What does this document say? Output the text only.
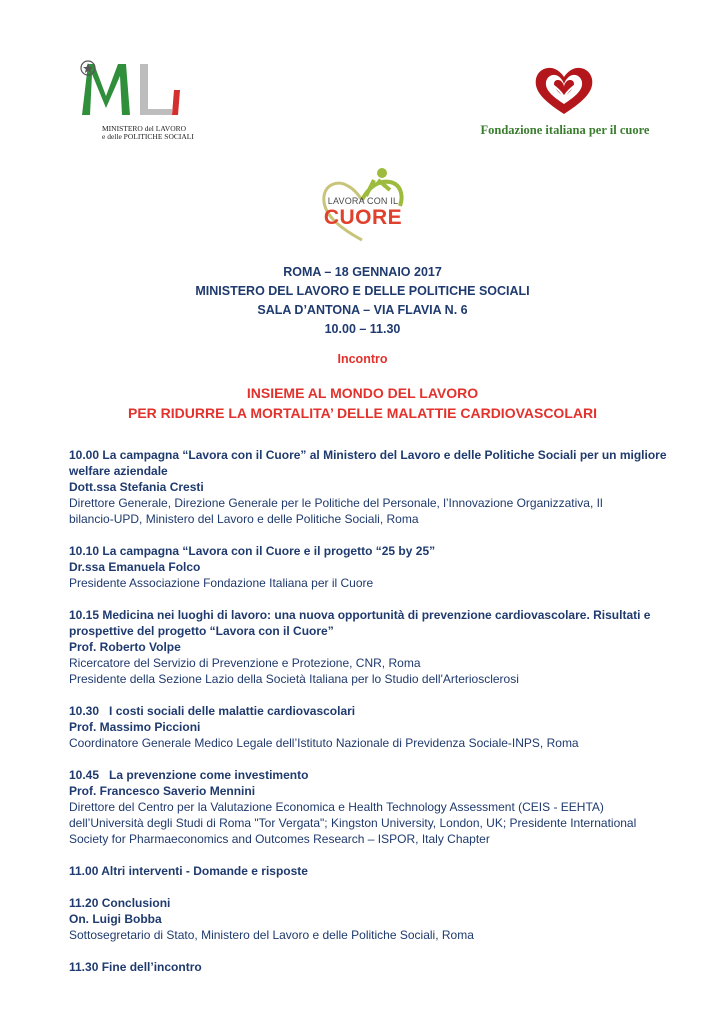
MINISTERO del LAVORO
e delle POLITICHE SOCIALI	Fondazione italiana per il cuore
LAVORA CON IL
CUORE
ROMA – 18 GENNAIO 2017
MINISTERO DEL LAVORO E DELLE POLITICHE SOCIALI
SALA D’ANTONA – VIA FLAVIA N. 6
10.00 – 11.30
Incontro
INSIEME AL MONDO DEL LAVORO
PER RIDURRE LA MORTALITA’ DELLE MALATTIE CARDIOVASCOLARI
10.00 La campagna “Lavora con il Cuore” al Ministero del Lavoro e delle Politiche Sociali per un migliore
welfare aziendale
Dott.ssa Stefania Cresti
Direttore Generale, Direzione Generale per le Politiche del Personale, l’Innovazione Organizzativa, Il
bilancio-UPD, Ministero del Lavoro e delle Politiche Sociali, Roma
10.10 La campagna “Lavora con il Cuore e il progetto “25 by 25”
Dr.ssa Emanuela Folco
Presidente Associazione Fondazione Italiana per il Cuore
10.15 Medicina nei luoghi di lavoro: una nuova opportunità di prevenzione cardiovascolare. Risultati e
prospettive del progetto “Lavora con il Cuore”
Prof. Roberto Volpe
Ricercatore del Servizio di Prevenzione e Protezione, CNR, Roma
Presidente della Sezione Lazio della Società Italiana per lo Studio dell'Arteriosclerosi
10.30   I costi sociali delle malattie cardiovascolari
Prof. Massimo Piccioni
Coordinatore Generale Medico Legale dell’Istituto Nazionale di Previdenza Sociale-INPS, Roma
10.45   La prevenzione come investimento
Prof. Francesco Saverio Mennini
Direttore del Centro per la Valutazione Economica e Health Technology Assessment (CEIS - EEHTA)
dell’Università degli Studi di Roma "Tor Vergata"; Kingston University, London, UK; Presidente International
Society for Pharmaeconomics and Outcomes Research – ISPOR, Italy Chapter
11.00 Altri interventi - Domande e risposte
11.20 Conclusioni
On. Luigi Bobba
Sottosegretario di Stato, Ministero del Lavoro e delle Politiche Sociali, Roma
11.30 Fine dell’incontro
